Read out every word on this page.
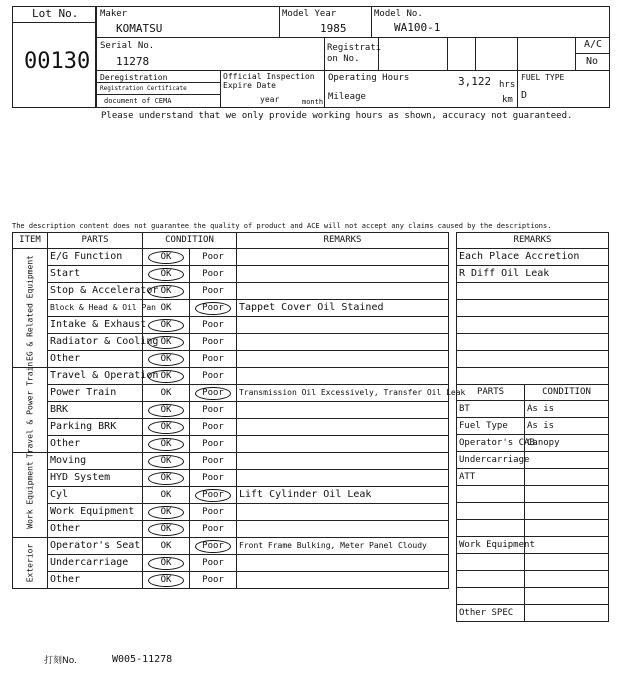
Lot No.
00130
Maker
KOMATSU
Model Year
1985
Model No.
WA100-1
Serial No.
11278
Registrati on No.
A/C
No
Deregistration
Registration Certificate
document of CEMA
Official Inspection Expire Date
year	month
Operating Hours	3,122 hrs
Mileage	km
FUEL TYPE
D
Please understand that we only provide working hours as shown, accuracy not guaranteed.
The description content does not guarantee the quality of product and ACE will not accept any claims caused by the descriptions.
ITEM	PARTS	CONDITION		REMARKS

EG & Related Equipment	E/G Function	OK	Poor	
	Start	OK	Poor	
	Stop & Accelerator	OK	Poor	
	Block & Head & Oil Pan	OK	Poor	Tappet Cover Oil Stained
	Intake & Exhaust	OK	Poor	
	Radiator & Cooling	OK	Poor	
	Other	OK	Poor	

Travel & Power Train	Travel & Operation	OK	Poor	
	Power Train	OK	Poor	Transmission Oil Excessively, Transfer Oil Leak
	BRK	OK	Poor	
	Parking BRK	OK	Poor	
	Other	OK	Poor	

Work Equipment	Moving	OK	Poor	
	HYD System	OK	Poor	
	Cyl	OK	Poor	Lift Cylinder Oil Leak
	Work Equipment	OK	Poor	
	Other	OK	Poor	

Exterior	Operator's Seat	OK	Poor	Front Frame Bulking, Meter Panel Cloudy
	Undercarriage	OK	Poor	
	Other	OK	Poor	
REMARKS
Each Place Accretion
R Diff Oil Leak

PARTS	CONDITION
BT	As is
Fuel Type	As is
Operator's CAB	Canopy
Undercarriage	
ATT	

Work Equipment	

Other SPEC	
打刻No.	W005-11278
